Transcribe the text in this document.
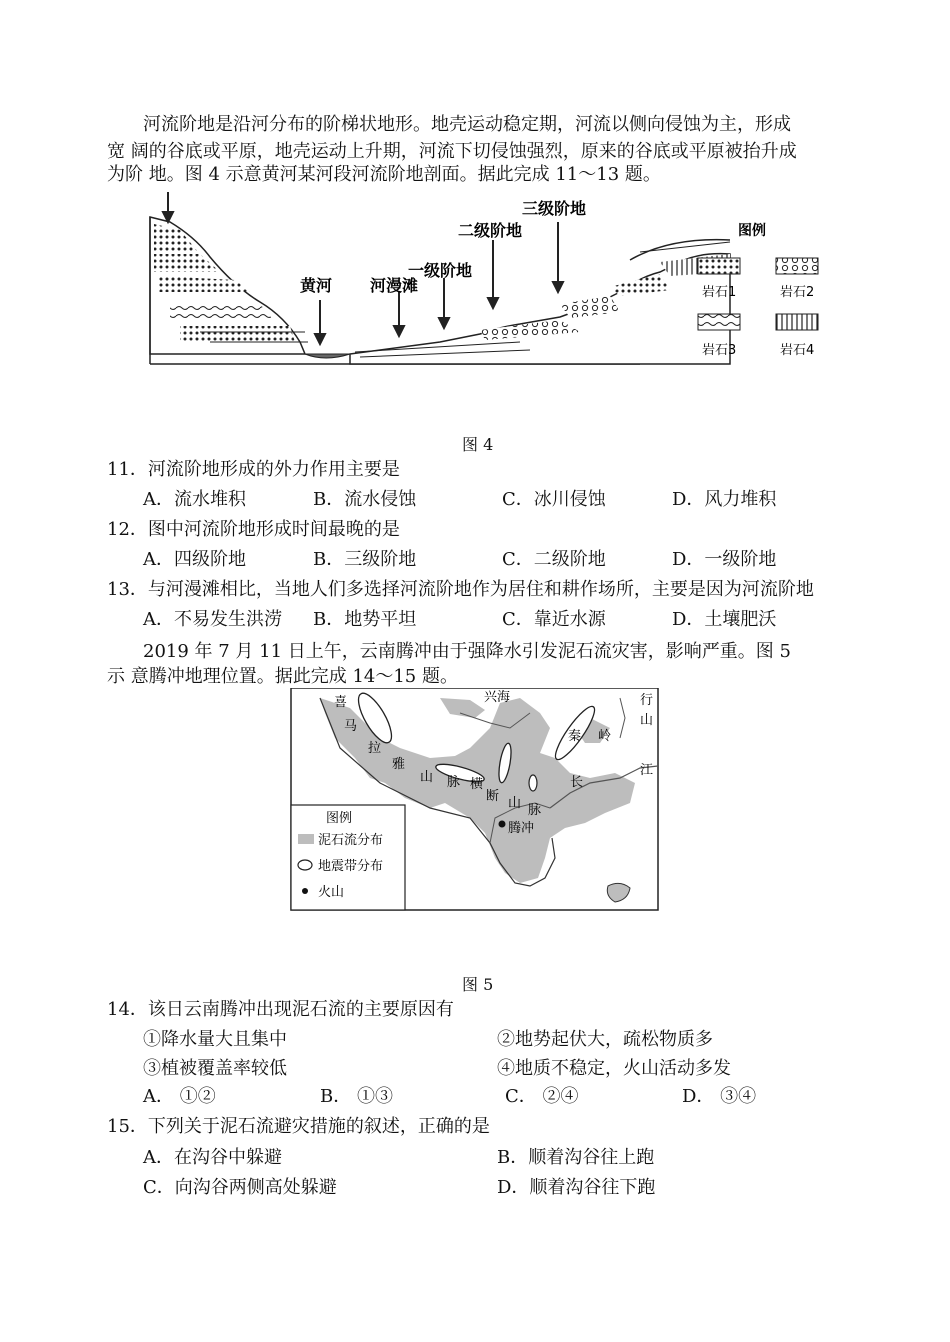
河流阶地是沿河分布的阶梯状地形。地壳运动稳定期，河流以侧向侵蚀为主，形成
宽 阔的谷底或平原，地壳运动上升期，河流下切侵蚀强烈，原来的谷底或平原被抬升成
为阶 地。图 4 示意黄河某河段河流阶地剖面。据此完成 11～13 题。
黄河 河漫滩
一级阶地
二级阶地
三级阶地
图例
岩石1	岩石2
岩石3	岩石4
图 4
11．河流阶地形成的外力作用主要是
A．流水堆积	B．流水侵蚀	C．冰川侵蚀	D．风力堆积
12．图中河流阶地形成时间最晚的是
A．四级阶地	B．三级阶地	C．二级阶地	D．一级阶地
13．与河漫滩相比，当地人们多选择河流阶地作为居住和耕作场所，主要是因为河流阶地
A．不易发生洪涝 B．地势平坦	C．靠近水源	D．土壤肥沃
2019 年 7 月 11 日上午，云南腾冲由于强降水引发泥石流灾害，影响严重。图 5
示 意腾冲地理位置。据此完成 14～15 题。
喜
马
拉
雅
山 脉 横
断 山 脉
兴海
秦 岭
长
江
行
山
腾冲
图例
泥石流分布
地震带分布
火山
图 5
14．该日云南腾冲出现泥石流的主要原因有
①降水量大且集中	②地势起伏大，疏松物质多
③植被覆盖率较低	④地质不稳定，火山活动多发
A． ①②	B． ①③	C． ②④	D． ③④
15．下列关于泥石流避灾措施的叙述，正确的是
A．在沟谷中躲避	B．顺着沟谷往上跑
C．向沟谷两侧高处躲避	D．顺着沟谷往下跑
